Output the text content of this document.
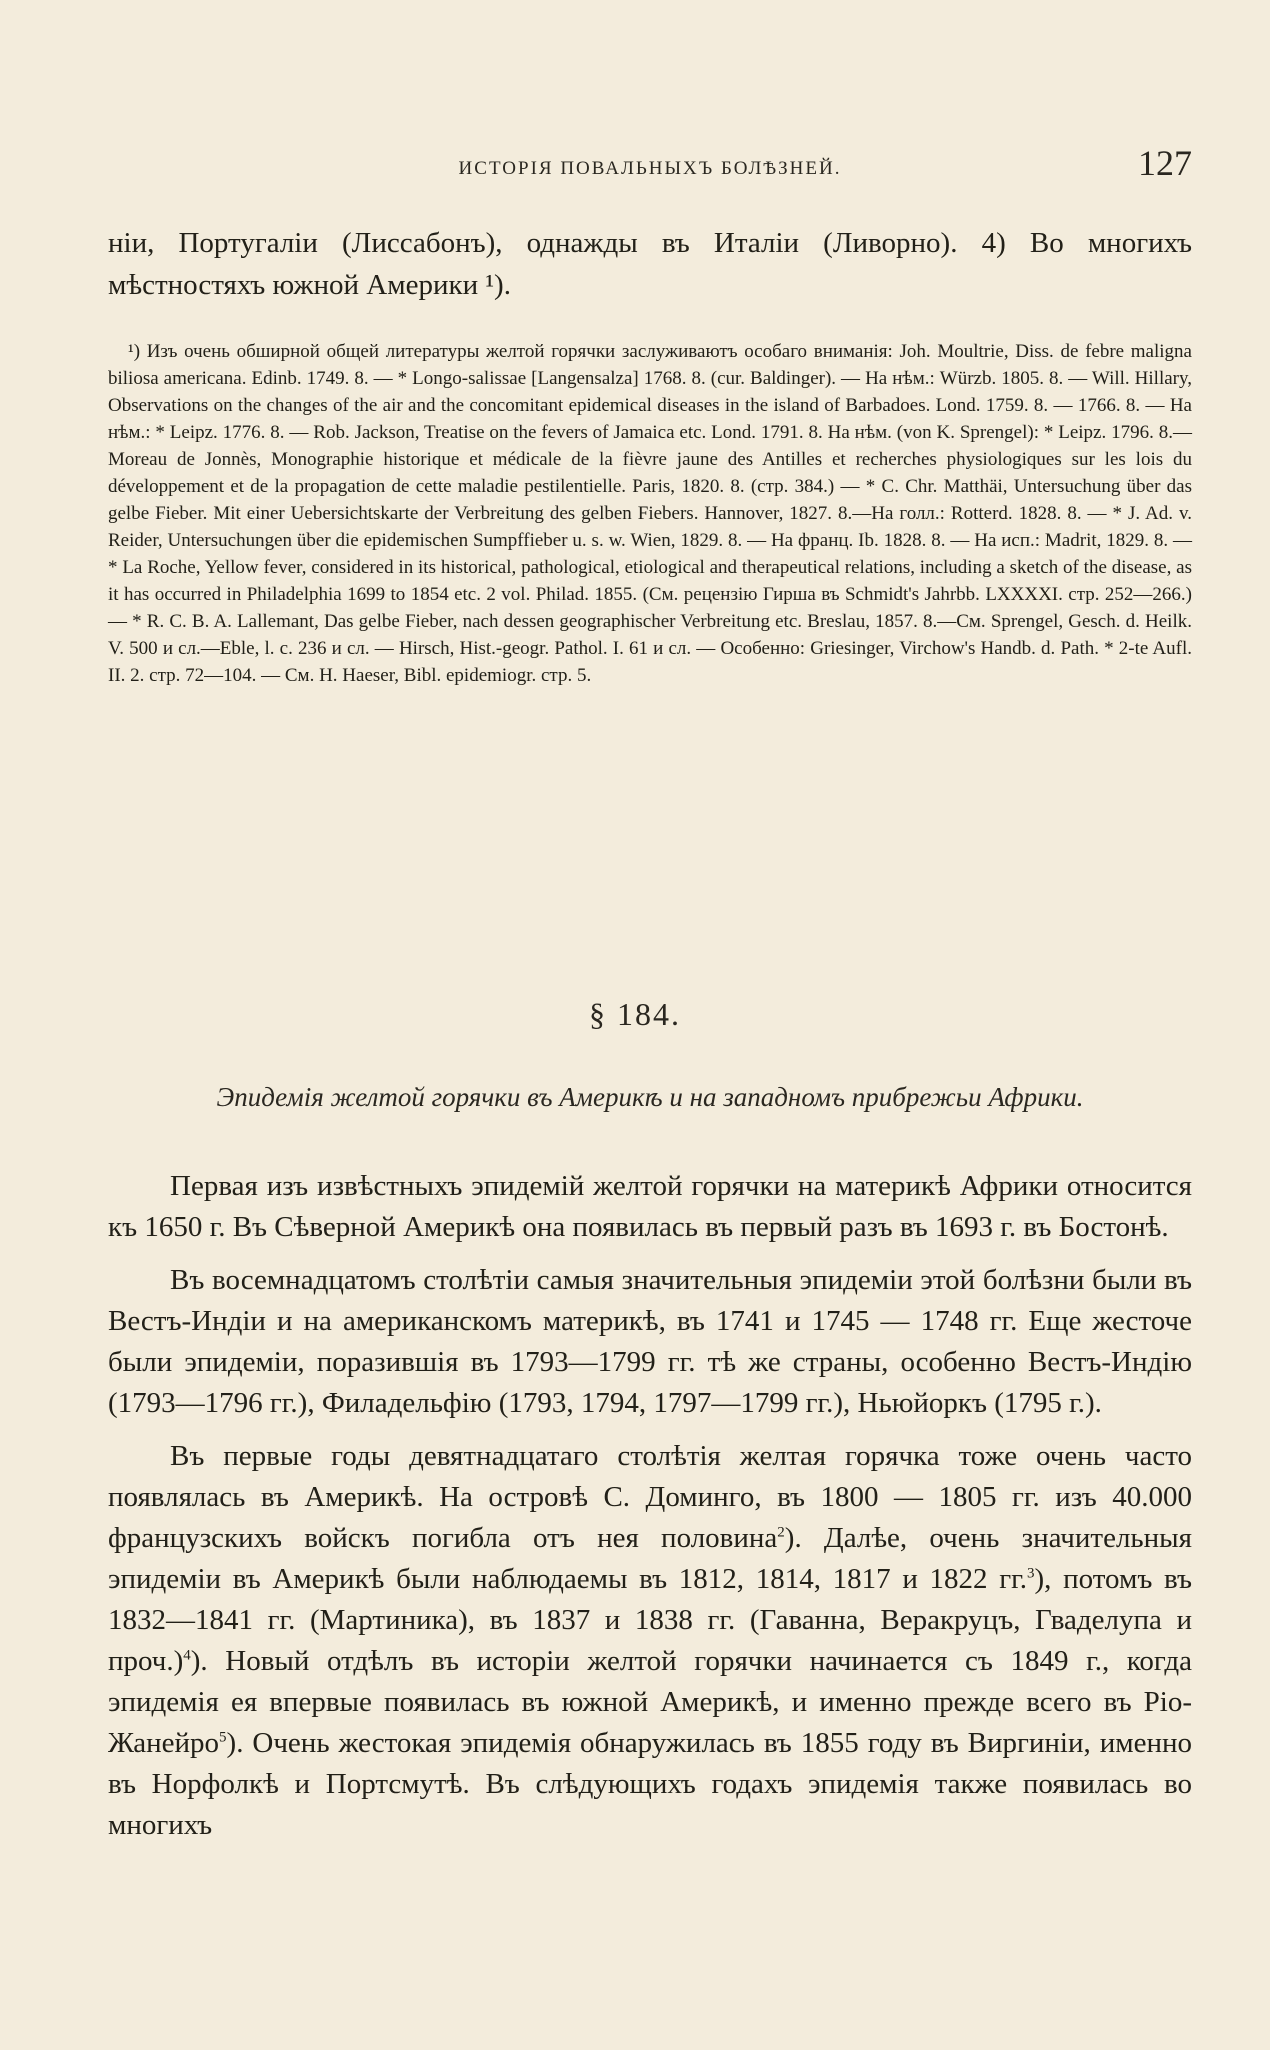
ИСТОРІЯ ПОВАЛЬНЫХЪ БОЛѢЗНЕЙ.	127

нiи, Португалiи (Лиссабонъ), однажды въ Италiи (Ливорно). 4) Во многихъ мѣстностяхъ южной Америки ¹).

¹) Изъ очень обширной общей литературы желтой горячки заслуживаютъ особаго вниманія: Joh. Moultrie, Diss. de febre maligna biliosa americana. Edinb. 1749. 8. — * Longo-salissae [Langensalza] 1768. 8. (cur. Baldinger). — На нѣм.: Würzb. 1805. 8. — Will. Hillary, Observations on the changes of the air and the concomitant epidemical diseases in the island of Barbadoes. Lond. 1759. 8. — 1766. 8. — На нѣм.: * Leipz. 1776. 8. — Rob. Jackson, Treatise on the fevers of Jamaica etc. Lond. 1791. 8. На нѣм. (von K. Sprengel): * Leipz. 1796. 8.—Moreau de Jonnès, Monographie historique et médicale de la fièvre jaune des Antilles et recherches physiologiques sur les lois du développement et de la propagation de cette maladie pestilentielle. Paris, 1820. 8. (стр. 384.) — * C. Chr. Matthäi, Untersuchung über das gelbe Fieber. Mit einer Uebersichtskarte der Verbreitung des gelben Fiebers. Hannover, 1827. 8.—На голл.: Rotterd. 1828. 8. — * J. Ad. v. Reider, Untersuchungen über die epidemischen Sumpffieber u. s. w. Wien, 1829. 8. — На франц. Ib. 1828. 8. — На исп.: Madrit, 1829. 8. — * La Roche, Yellow fever, considered in its historical, pathological, etiological and therapeutical relations, including a sketch of the disease, as it has occurred in Philadelphia 1699 to 1854 etc. 2 vol. Philad. 1855. (См. рецензію Гирша въ Schmidt's Jahrbb. LXXXXI. стр. 252—266.) — * R. C. B. A. Lallemant, Das gelbe Fieber, nach dessen geographischer Verbreitung etc. Breslau, 1857. 8.—См. Sprengel, Gesch. d. Heilk. V. 500 и сл.—Eble, l. c. 236 и сл. — Hirsch, Hist.-geogr. Pathol. I. 61 и сл. — Особенно: Griesinger, Virchow's Handb. d. Path. * 2-te Aufl. II. 2. стр. 72—104. — См. H. Haeser, Bibl. epidemiogr. стр. 5.

§ 184.
Эпидемія желтой горячки въ Америкѣ и на западномъ прибрежьи Африки.

Первая изъ извѣстныхъ эпидемій желтой горячки на материкѣ Африки относится къ 1650 г. Въ Сѣверной Америкѣ она появилась въ первый разъ въ 1693 г. въ Бостонѣ.

Въ восемнадцатомъ столѣтіи самыя значительныя эпидеміи этой болѣзни были въ Вестъ-Индіи и на американскомъ материкѣ, въ 1741 и 1745 — 1748 гг. Еще жесточе были эпидеміи, поразившія въ 1793—1799 гг. тѣ же страны, особенно Вестъ-Индію (1793—1796 гг.), Филадельфію (1793, 1794, 1797—1799 гг.), Ньюйоркъ (1795 г.).

Въ первые годы девятнадцатаго столѣтія желтая горячка тоже очень часто появлялась въ Америкѣ. На островѣ С. Доминго, въ 1800 — 1805 гг. изъ 40.000 французскихъ войскъ погибла отъ нея половина$^2$). Далѣе, очень значительныя эпидеміи въ Америкѣ были наблюдаемы въ 1812, 1814, 1817 и 1822 гг.$^3$), потомъ въ 1832—1841 гг. (Мартиника), въ 1837 и 1838 гг. (Гаванна, Веракруцъ, Гваделупа и проч.)$^4$). Новый отдѣлъ въ исторіи желтой горячки начинается съ 1849 г., когда эпидемія ея впервые появилась въ южной Америкѣ, и именно прежде всего въ Ріо-Жанейро$^5$). Очень жестокая эпидемія обнаружилась въ 1855 году въ Виргиніи, именно въ Норфолкѣ и Портсмутѣ. Въ слѣдующихъ годахъ эпидемія также появилась во многихъ
